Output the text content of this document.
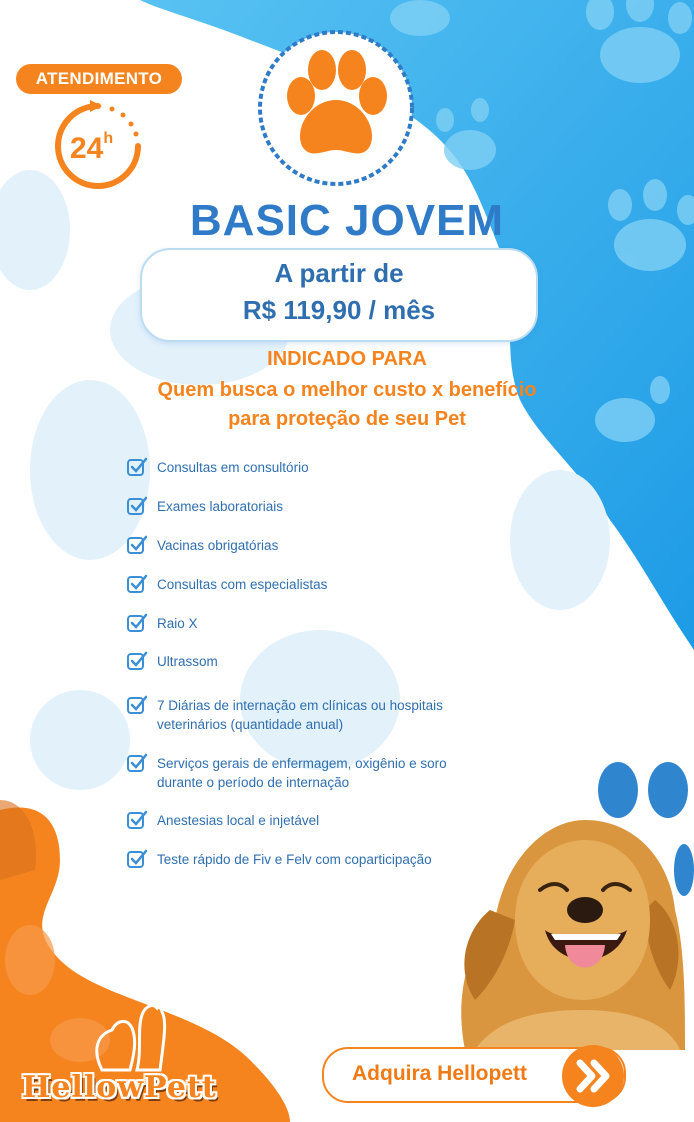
ATENDIMENTO
24$^h$
BASIC JOVEM
A partir de
R$ 119,90 / mês
INDICADO PARA
Quem busca o melhor custo x benefício
para proteção de seu Pet
Consultas em consultório
Exames laboratoriais
Vacinas obrigatórias
Consultas com especialistas
Raio X
Ultrassom
7 Diárias de internação em clínicas ou hospitais
veterinários (quantidade anual)
Serviços gerais de enfermagem, oxigênio e soro
durante o período de internação
Anestesias local e injetável
Teste rápido de Fiv e Felv com coparticipação
HellowPett	Adquira Hellopett
